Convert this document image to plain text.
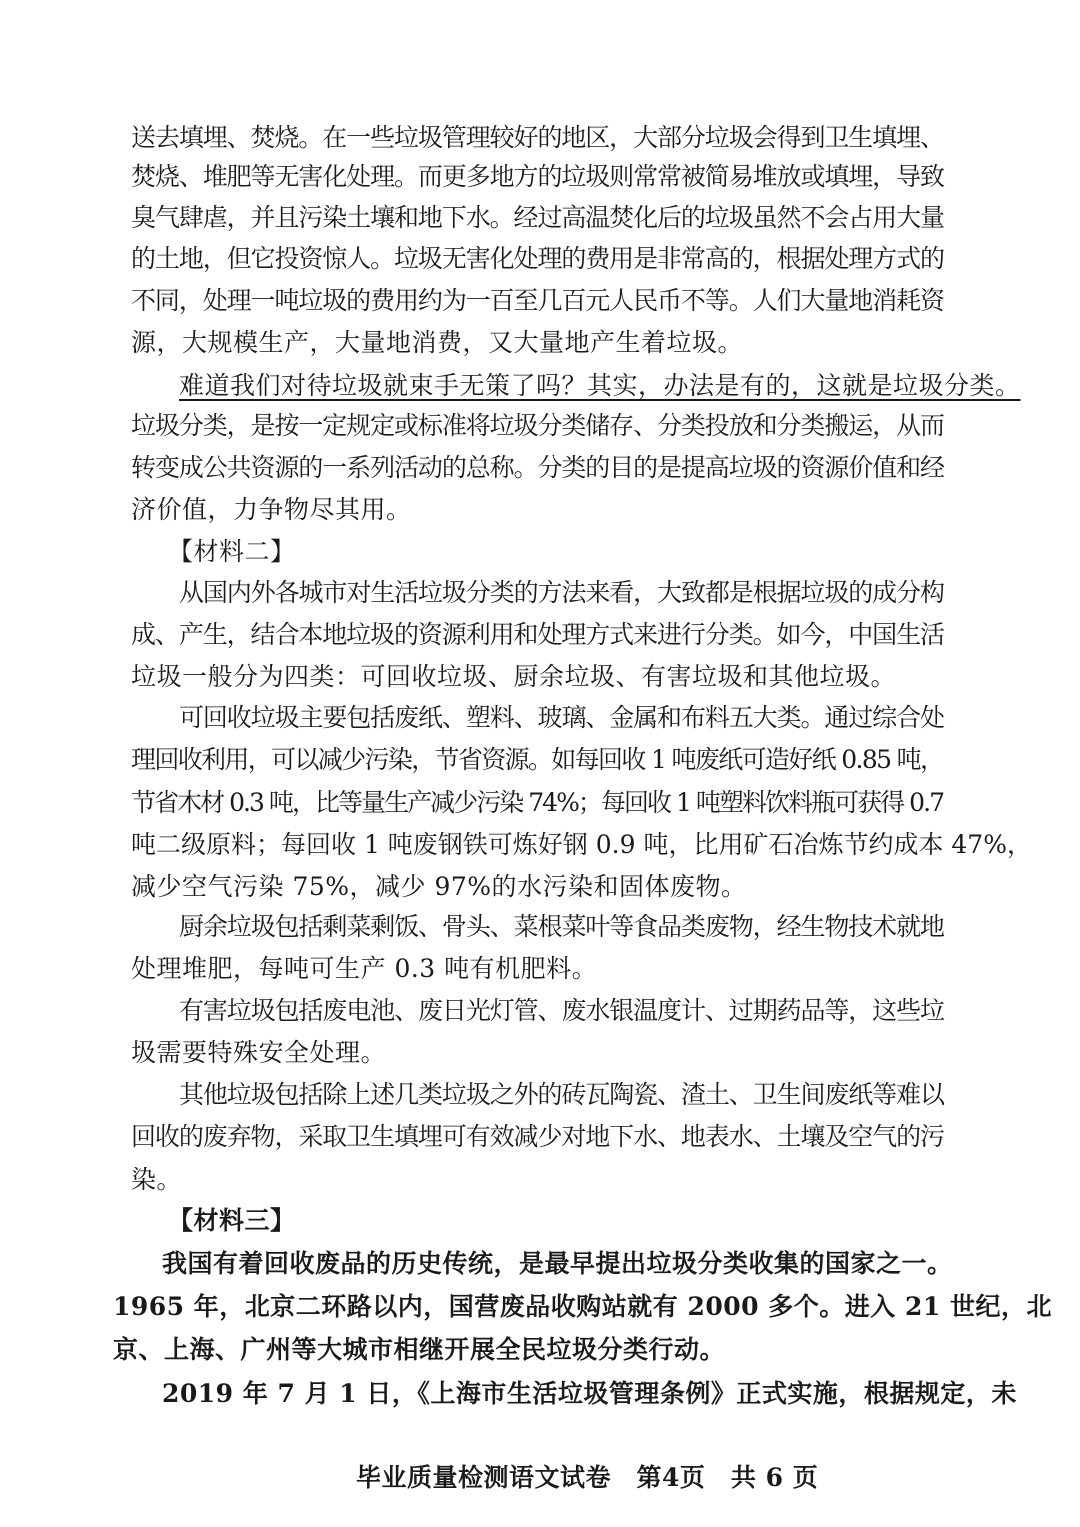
送去填埋、焚烧。在一些垃圾管理较好的地区，大部分垃圾会得到卫生填埋、
焚烧、堆肥等无害化处理。而更多地方的垃圾则常常被简易堆放或填埋，导致
臭气肆虐，并且污染土壤和地下水。经过高温焚化后的垃圾虽然不会占用大量
的土地，但它投资惊人。垃圾无害化处理的费用是非常高的，根据处理方式的
不同，处理一吨垃圾的费用约为一百至几百元人民币不等。人们大量地消耗资
源，大规模生产，大量地消费，又大量地产生着垃圾。
难道我们对待垃圾就束手无策了吗？其实，办法是有的，这就是垃圾分类。
垃圾分类，是按一定规定或标准将垃圾分类储存、分类投放和分类搬运，从而
转变成公共资源的一系列活动的总称。分类的目的是提高垃圾的资源价值和经
济价值，力争物尽其用。
【材料二】
从国内外各城市对生活垃圾分类的方法来看，大致都是根据垃圾的成分构
成、产生，结合本地垃圾的资源利用和处理方式来进行分类。如今，中国生活
垃圾一般分为四类：可回收垃圾、厨余垃圾、有害垃圾和其他垃圾。
可回收垃圾主要包括废纸、塑料、玻璃、金属和布料五大类。通过综合处
理回收利用，可以减少污染，节省资源。如每回收 1 吨废纸可造好纸 0.85 吨，
节省木材 0.3 吨，比等量生产减少污染 74%；每回收 1 吨塑料饮料瓶可获得 0.7
吨二级原料；每回收 1 吨废钢铁可炼好钢 0.9 吨，比用矿石冶炼节约成本 47%，
减少空气污染 75%，减少 97%的水污染和固体废物。
厨余垃圾包括剩菜剩饭、骨头、菜根菜叶等食品类废物，经生物技术就地
处理堆肥，每吨可生产 0.3 吨有机肥料。
有害垃圾包括废电池、废日光灯管、废水银温度计、过期药品等，这些垃
圾需要特殊安全处理。
其他垃圾包括除上述几类垃圾之外的砖瓦陶瓷、渣土、卫生间废纸等难以
回收的废弃物，采取卫生填埋可有效减少对地下水、地表水、土壤及空气的污
染。
【材料三】
我国有着回收废品的历史传统，是最早提出垃圾分类收集的国家之一。
1965 年，北京二环路以内，国营废品收购站就有 2000 多个。进入 21 世纪，北
京、上海、广州等大城市相继开展全民垃圾分类行动。
2019 年 7 月 1 日，《上海市生活垃圾管理条例》正式实施，根据规定，未
毕业质量检测语文试卷　第4页　共 6 页
